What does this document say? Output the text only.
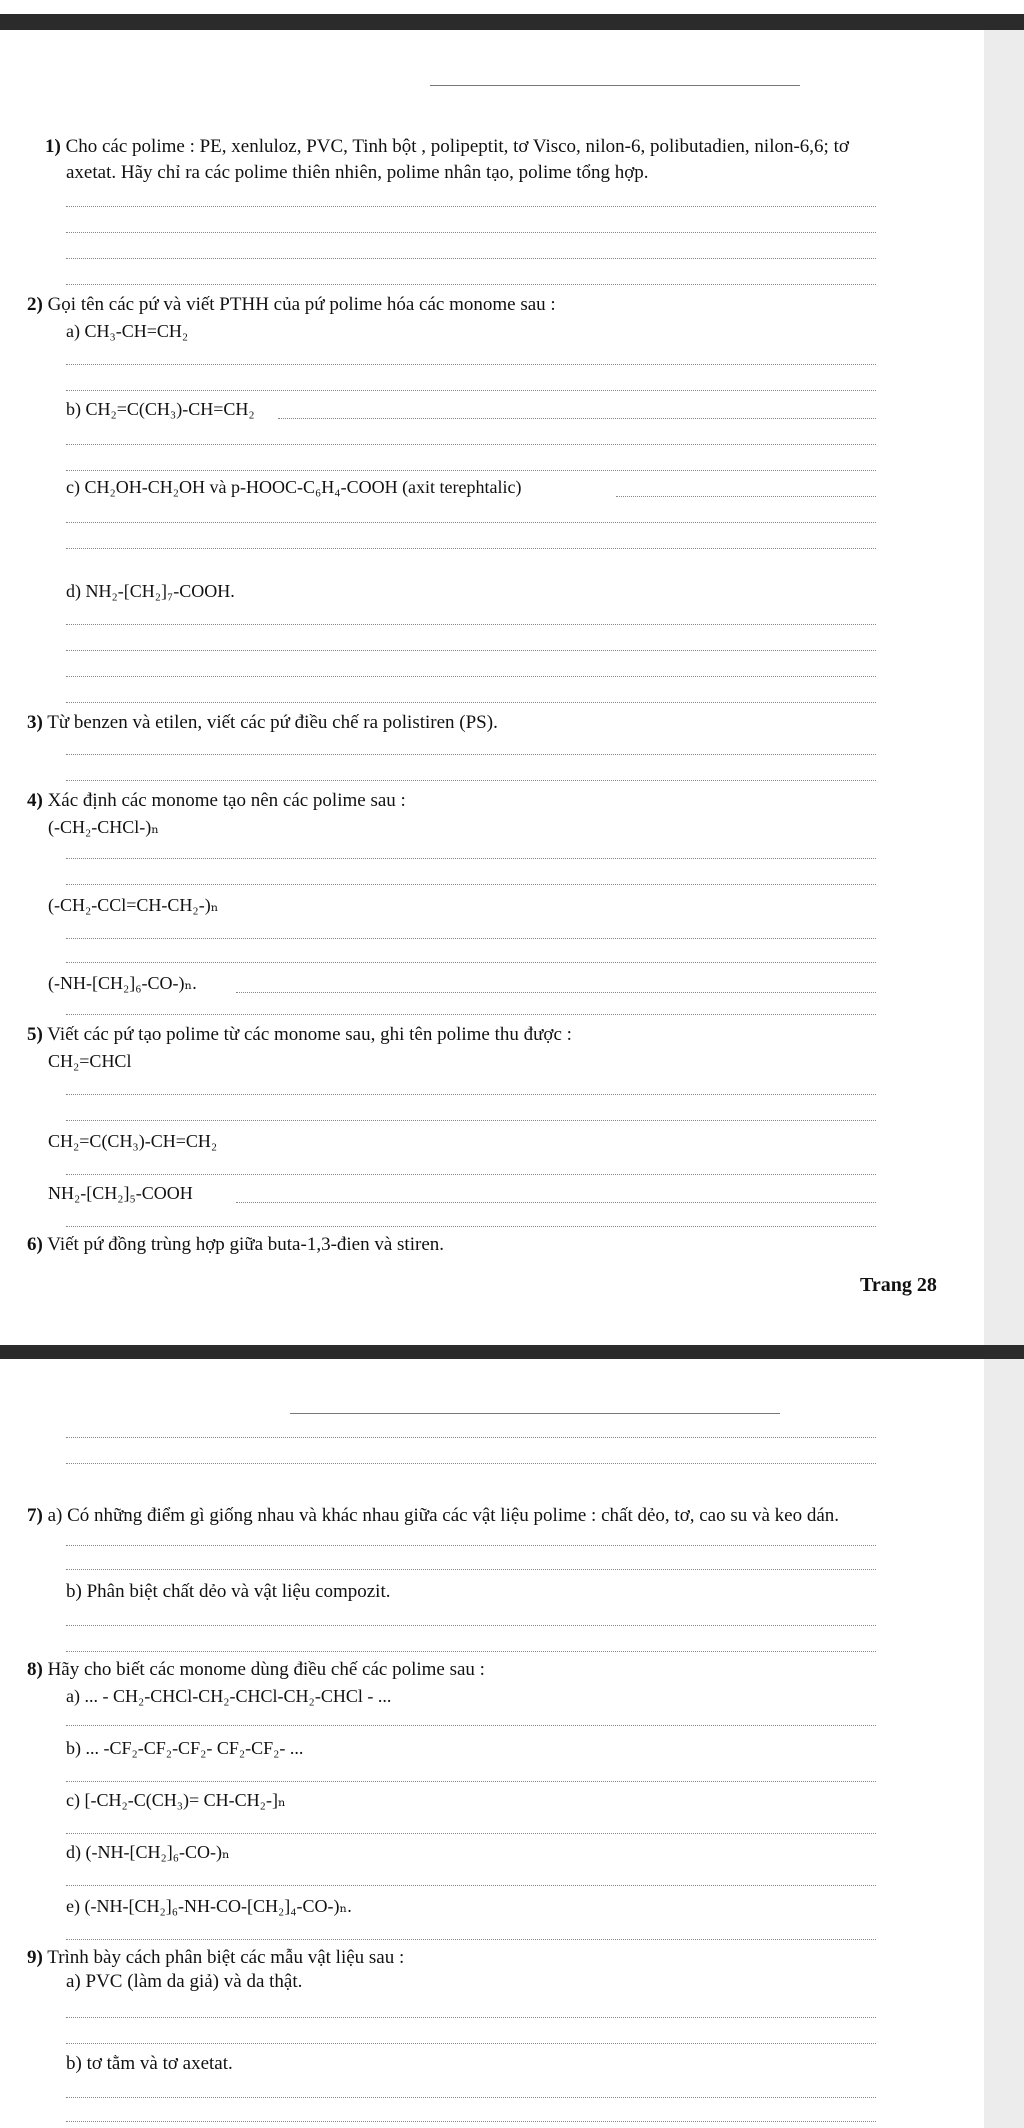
1) Cho các polime : PE, xenluloz, PVC, Tinh bột , polipeptit, tơ Visco, nilon-6, polibutadien, nilon-6,6; tơ
axetat. Hãy chỉ ra các polime thiên nhiên, polime nhân tạo, polime tổng hợp.
2) Gọi tên các pứ và viết PTHH của pứ polime hóa các monome sau :
a) CH₃-CH=CH₂
b) CH₂=C(CH₃)-CH=CH₂
c) CH₂OH-CH₂OH và p-HOOC-C₆H₄-COOH (axit terephtalic)
d) NH₂-[CH₂]₇-COOH.
3) Từ benzen và etilen, viết các pứ điều chế ra polistiren (PS).
4) Xác định các monome tạo nên các polime sau :
(-CH₂-CHCl-)ₙ
(-CH₂-CCl=CH-CH₂-)ₙ
(-NH-[CH₂]₆-CO-)ₙ.
5) Viết các pứ tạo polime từ các monome sau, ghi tên polime thu được :
CH₂=CHCl
CH₂=C(CH₃)-CH=CH₂
NH₂-[CH₂]₅-COOH
6) Viết pứ đồng trùng hợp giữa buta-1,3-đien và stiren.
Trang 28
7) a) Có những điểm gì giống nhau và khác nhau giữa các vật liệu polime : chất dẻo, tơ, cao su và keo dán.
b) Phân biệt chất dẻo và vật liệu compozit.
8) Hãy cho biết các monome dùng điều chế các polime sau :
a) ... - CH₂-CHCl-CH₂-CHCl-CH₂-CHCl - ...
b) ... -CF₂-CF₂-CF₂- CF₂-CF₂- ...
c) [-CH₂-C(CH₃)= CH-CH₂-]ₙ
d) (-NH-[CH₂]₆-CO-)ₙ
e) (-NH-[CH₂]₆-NH-CO-[CH₂]₄-CO-)ₙ.
9) Trình bày cách phân biệt các mẫu vật liệu sau :
a) PVC (làm da giả) và da thật.
b) tơ tằm và tơ axetat.
